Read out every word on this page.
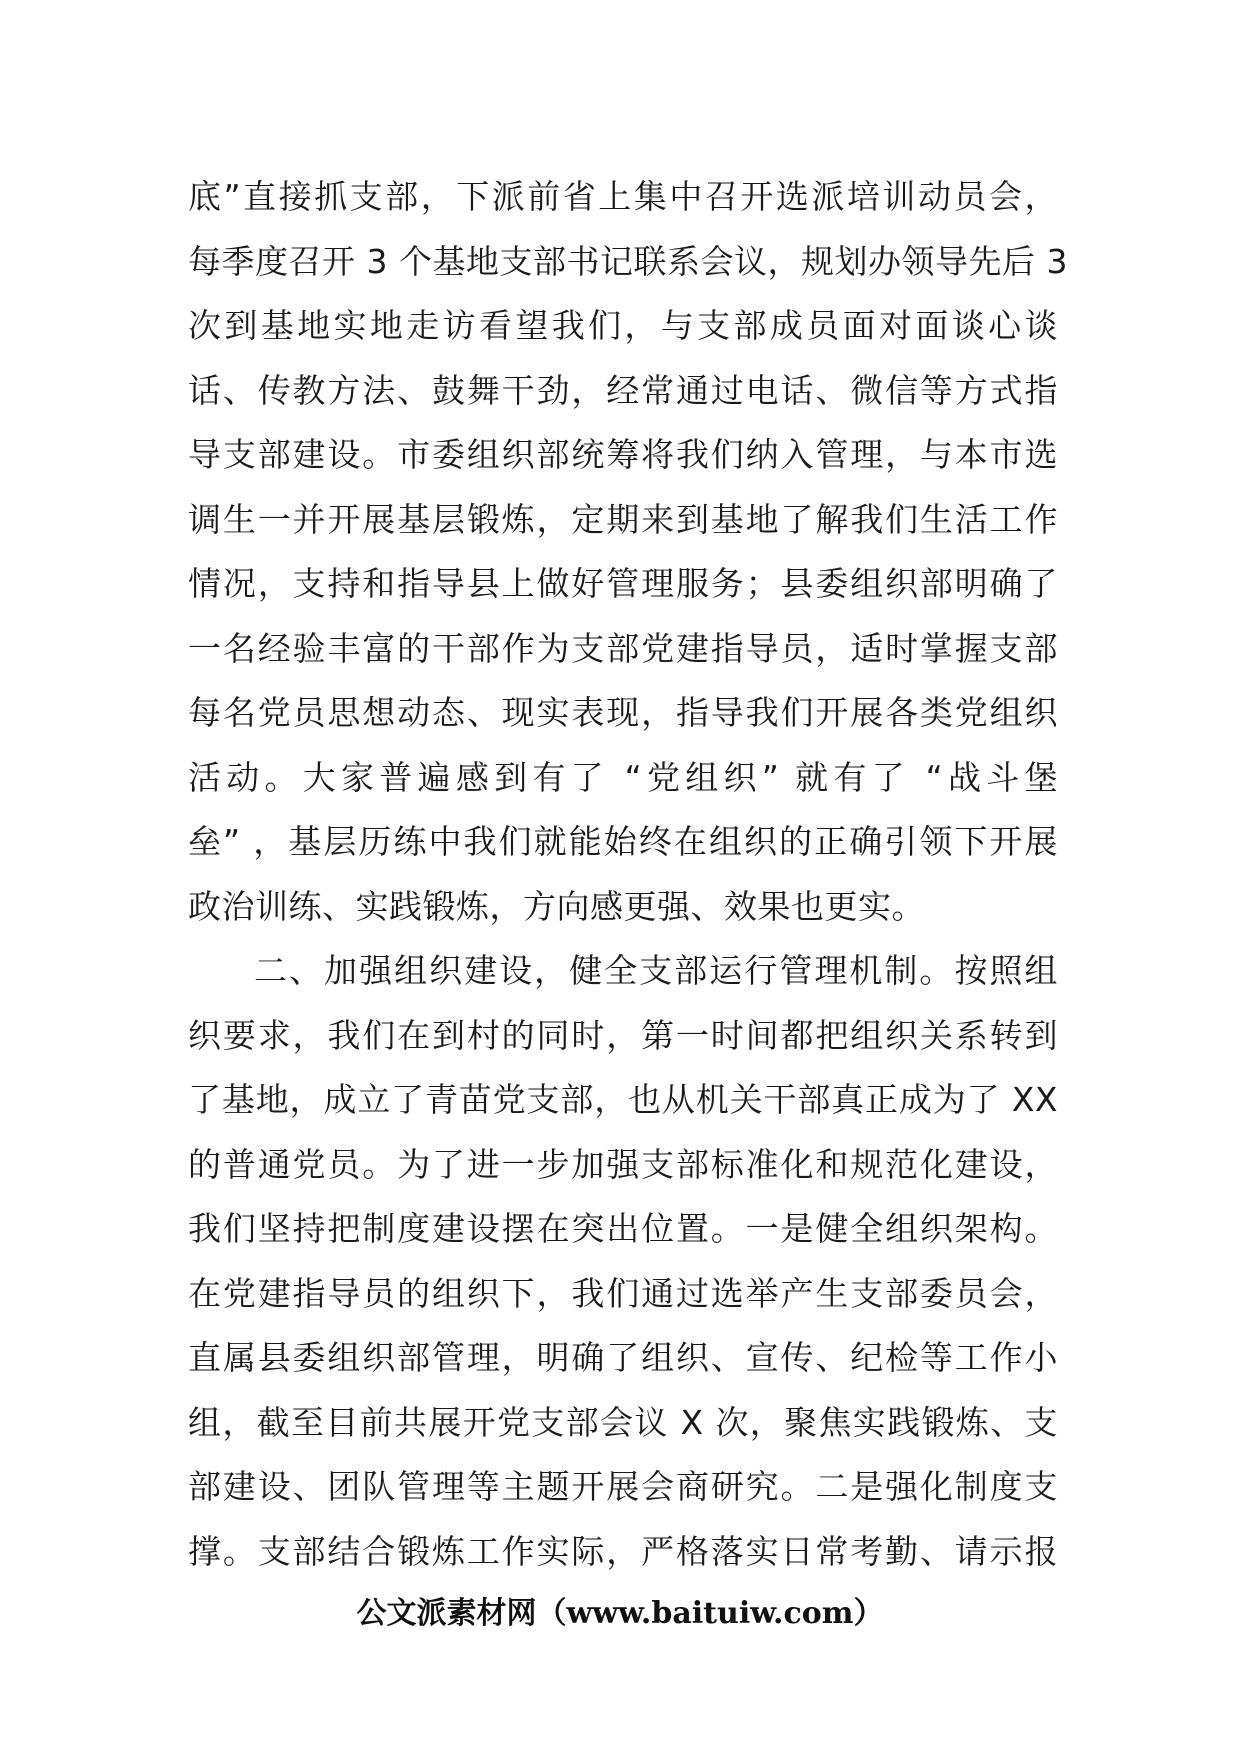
底”直接抓支部，下派前省上集中召开选派培训动员会，
每季度召开 3 个基地支部书记联系会议，规划办领导先后 3
次到基地实地走访看望我们，与支部成员面对面谈心谈
话、传教方法、鼓舞干劲，经常通过电话、微信等方式指
导支部建设。市委组织部统筹将我们纳入管理，与本市选
调生一并开展基层锻炼，定期来到基地了解我们生活工作
情况，支持和指导县上做好管理服务；县委组织部明确了
一名经验丰富的干部作为支部党建指导员，适时掌握支部
每名党员思想动态、现实表现，指导我们开展各类党组织
活动。大家普遍感到有了 “党组织” 就有了 “战斗堡
垒” ，基层历练中我们就能始终在组织的正确引领下开展
政治训练、实践锻炼，方向感更强、效果也更实。
二、加强组织建设，健全支部运行管理机制。按照组
织要求，我们在到村的同时，第一时间都把组织关系转到
了基地，成立了青苗党支部，也从机关干部真正成为了 XX
的普通党员。为了进一步加强支部标准化和规范化建设，
我们坚持把制度建设摆在突出位置。一是健全组织架构。
在党建指导员的组织下，我们通过选举产生支部委员会，
直属县委组织部管理，明确了组织、宣传、纪检等工作小
组，截至目前共展开党支部会议 X 次，聚焦实践锻炼、支
部建设、团队管理等主题开展会商研究。二是强化制度支
撑。支部结合锻炼工作实际，严格落实日常考勤、请示报
公文派素材网（www.baituiw.com）
